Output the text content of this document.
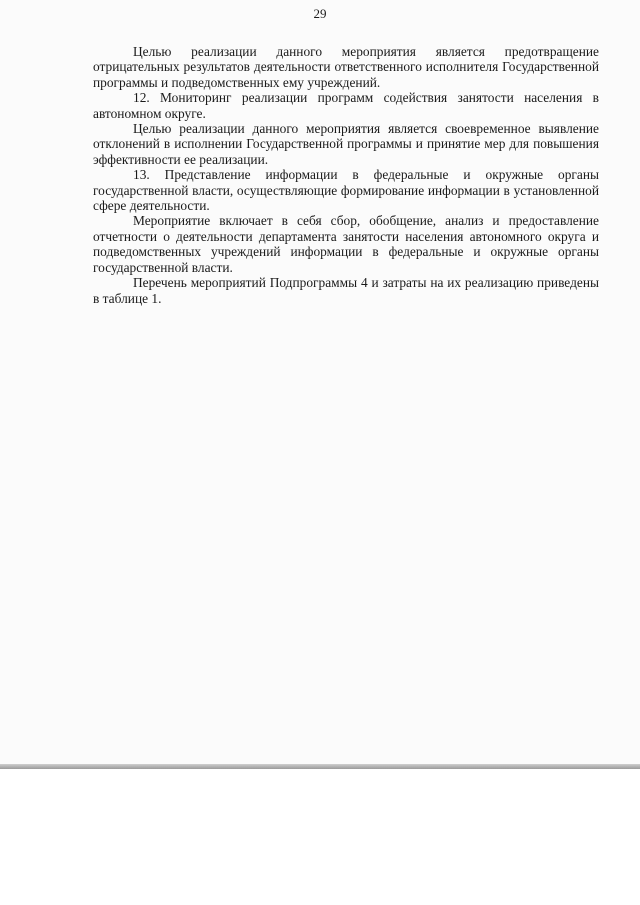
29

Целью реализации данного мероприятия является предотвращение отрицательных результатов деятельности ответственного исполнителя Государственной программы и подведомственных ему учреждений.

12. Мониторинг реализации программ содействия занятости населения в автономном округе.

Целью реализации данного мероприятия является своевременное выявление отклонений в исполнении Государственной программы и принятие мер для повышения эффективности ее реализации.

13. Представление информации в федеральные и окружные органы государственной власти, осуществляющие формирование информации в установленной сфере деятельности.

Мероприятие включает в себя сбор, обобщение, анализ и предоставление отчетности о деятельности департамента занятости населения автономного округа и подведомственных учреждений информации в федеральные и окружные органы государственной власти.

Перечень мероприятий Подпрограммы 4 и затраты на их реализацию приведены в таблице 1.
